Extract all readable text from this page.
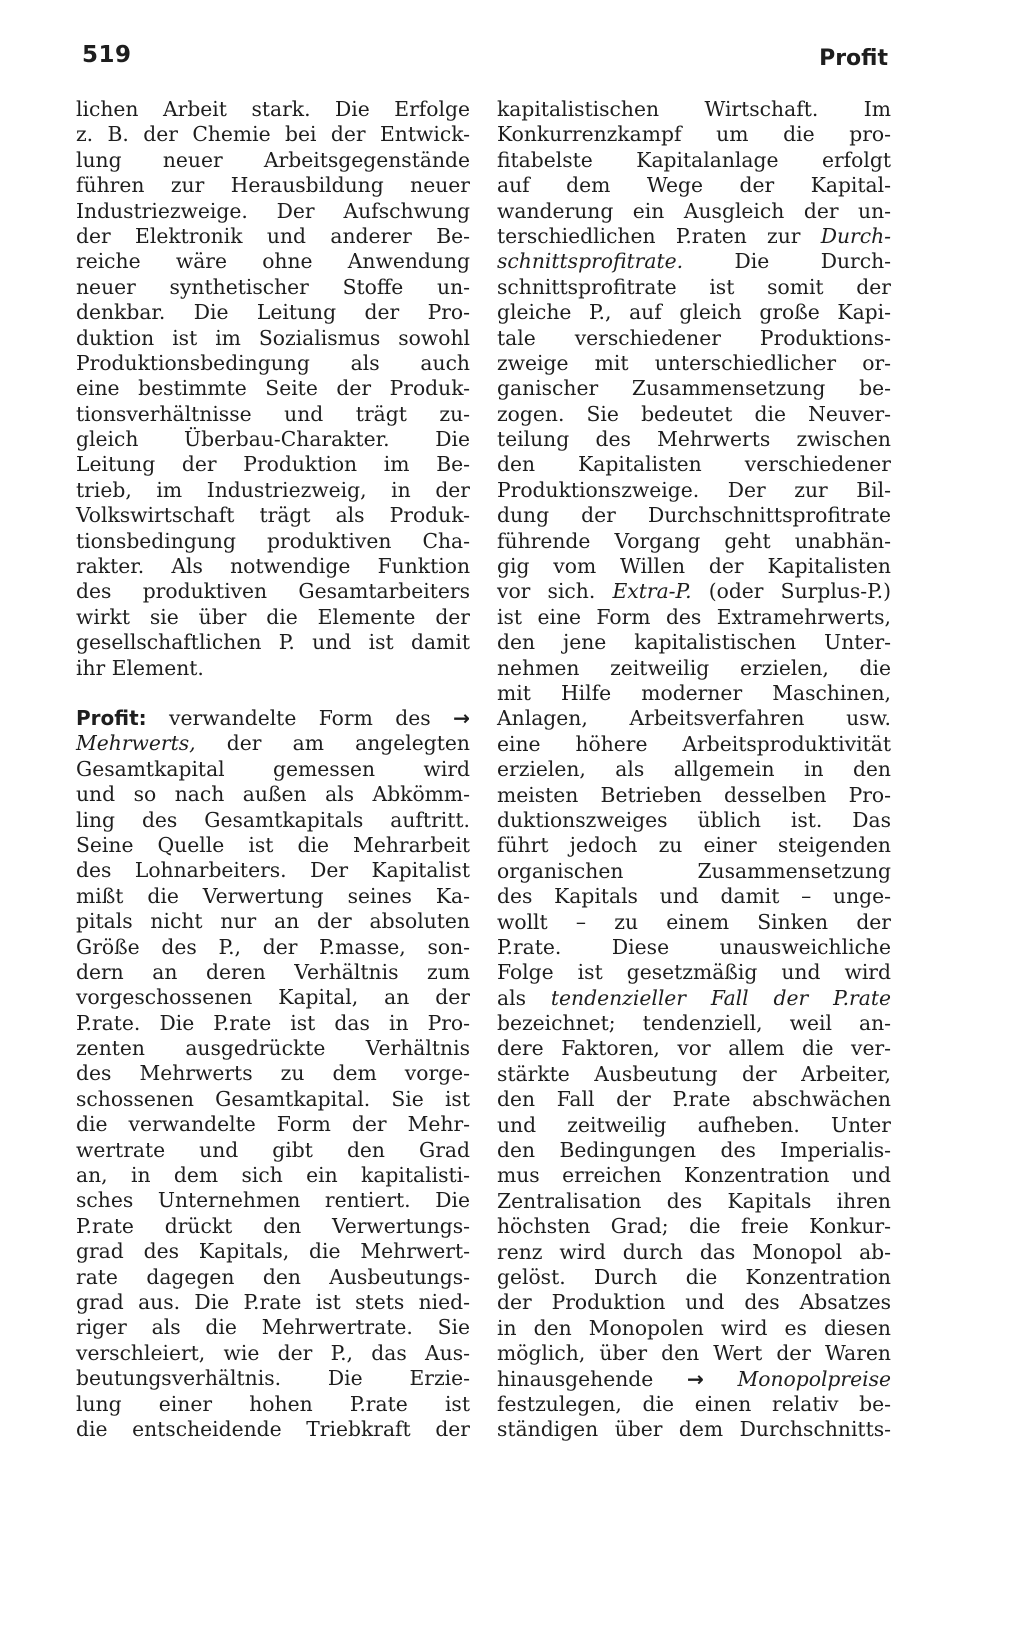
519	Profit
lichen Arbeit stark. Die Erfolge
z. B. der Chemie bei der Entwick-
lung neuer Arbeitsgegenstände
führen zur Herausbildung neuer
Industriezweige. Der Aufschwung
der Elektronik und anderer Be-
reiche wäre ohne Anwendung
neuer synthetischer Stoffe un-
denkbar. Die Leitung der Pro-
duktion ist im Sozialismus sowohl
Produktionsbedingung als auch
eine bestimmte Seite der Produk-
tionsverhältnisse und trägt zu-
gleich Überbau-Charakter. Die
Leitung der Produktion im Be-
trieb, im Industriezweig, in der
Volkswirtschaft trägt als Produk-
tionsbedingung produktiven Cha-
rakter. Als notwendige Funktion
des produktiven Gesamtarbeiters
wirkt sie über die Elemente der
gesellschaftlichen P. und ist damit
ihr Element.
Profit: verwandelte Form des →
Mehrwerts, der am angelegten
Gesamtkapital gemessen wird
und so nach außen als Abkömm-
ling des Gesamtkapitals auftritt.
Seine Quelle ist die Mehrarbeit
des Lohnarbeiters. Der Kapitalist
mißt die Verwertung seines Ka-
pitals nicht nur an der absoluten
Größe des P., der P.masse, son-
dern an deren Verhältnis zum
vorgeschossenen Kapital, an der
P.rate. Die P.rate ist das in Pro-
zenten ausgedrückte Verhältnis
des Mehrwerts zu dem vorge-
schossenen Gesamtkapital. Sie ist
die verwandelte Form der Mehr-
wertrate und gibt den Grad
an, in dem sich ein kapitalisti-
sches Unternehmen rentiert. Die
P.rate drückt den Verwertungs-
grad des Kapitals, die Mehrwert-
rate dagegen den Ausbeutungs-
grad aus. Die P.rate ist stets nied-
riger als die Mehrwertrate. Sie
verschleiert, wie der P., das Aus-
beutungsverhältnis. Die Erzie-
lung einer hohen P.rate ist
die entscheidende Triebkraft der
kapitalistischen Wirtschaft. Im
Konkurrenzkampf um die pro-
fitabelste Kapitalanlage erfolgt
auf dem Wege der Kapital-
wanderung ein Ausgleich der un-
terschiedlichen P.raten zur Durch-
schnittsprofitrate.	Die Durch-
schnittsprofitrate ist somit der
gleiche P., auf gleich große Kapi-
tale verschiedener Produktions-
zweige mit unterschiedlicher or-
ganischer Zusammensetzung be-
zogen. Sie bedeutet die Neuver-
teilung des Mehrwerts zwischen
den Kapitalisten verschiedener
Produktionszweige. Der zur Bil-
dung der Durchschnittsprofitrate
führende Vorgang geht unabhän-
gig vom Willen der Kapitalisten
vor sich. Extra-P. (oder Surplus-P.)
ist eine Form des Extramehrwerts,
den jene kapitalistischen Unter-
nehmen zeitweilig erzielen, die
mit Hilfe moderner Maschinen,
Anlagen, Arbeitsverfahren usw.
eine höhere Arbeitsproduktivität
erzielen, als allgemein in den
meisten Betrieben desselben Pro-
duktionszweiges üblich ist. Das
führt jedoch zu einer steigenden
organischen Zusammensetzung
des Kapitals und damit – unge-
wollt – zu einem Sinken der
P.rate. Diese unausweichliche
Folge ist gesetzmäßig und wird
als tendenzieller Fall der P.rate
bezeichnet; tendenziell, weil an-
dere Faktoren, vor allem die ver-
stärkte Ausbeutung der Arbeiter,
den Fall der P.rate abschwächen
und zeitweilig aufheben. Unter
den Bedingungen des Imperialis-
mus erreichen Konzentration und
Zentralisation des Kapitals ihren
höchsten Grad; die freie Konkur-
renz wird durch das Monopol ab-
gelöst. Durch die Konzentration
der Produktion und des Absatzes
in den Monopolen wird es diesen
möglich, über den Wert der Waren
hinausgehende → Monopolpreise
festzulegen, die einen relativ be-
ständigen über dem Durchschnitts-
